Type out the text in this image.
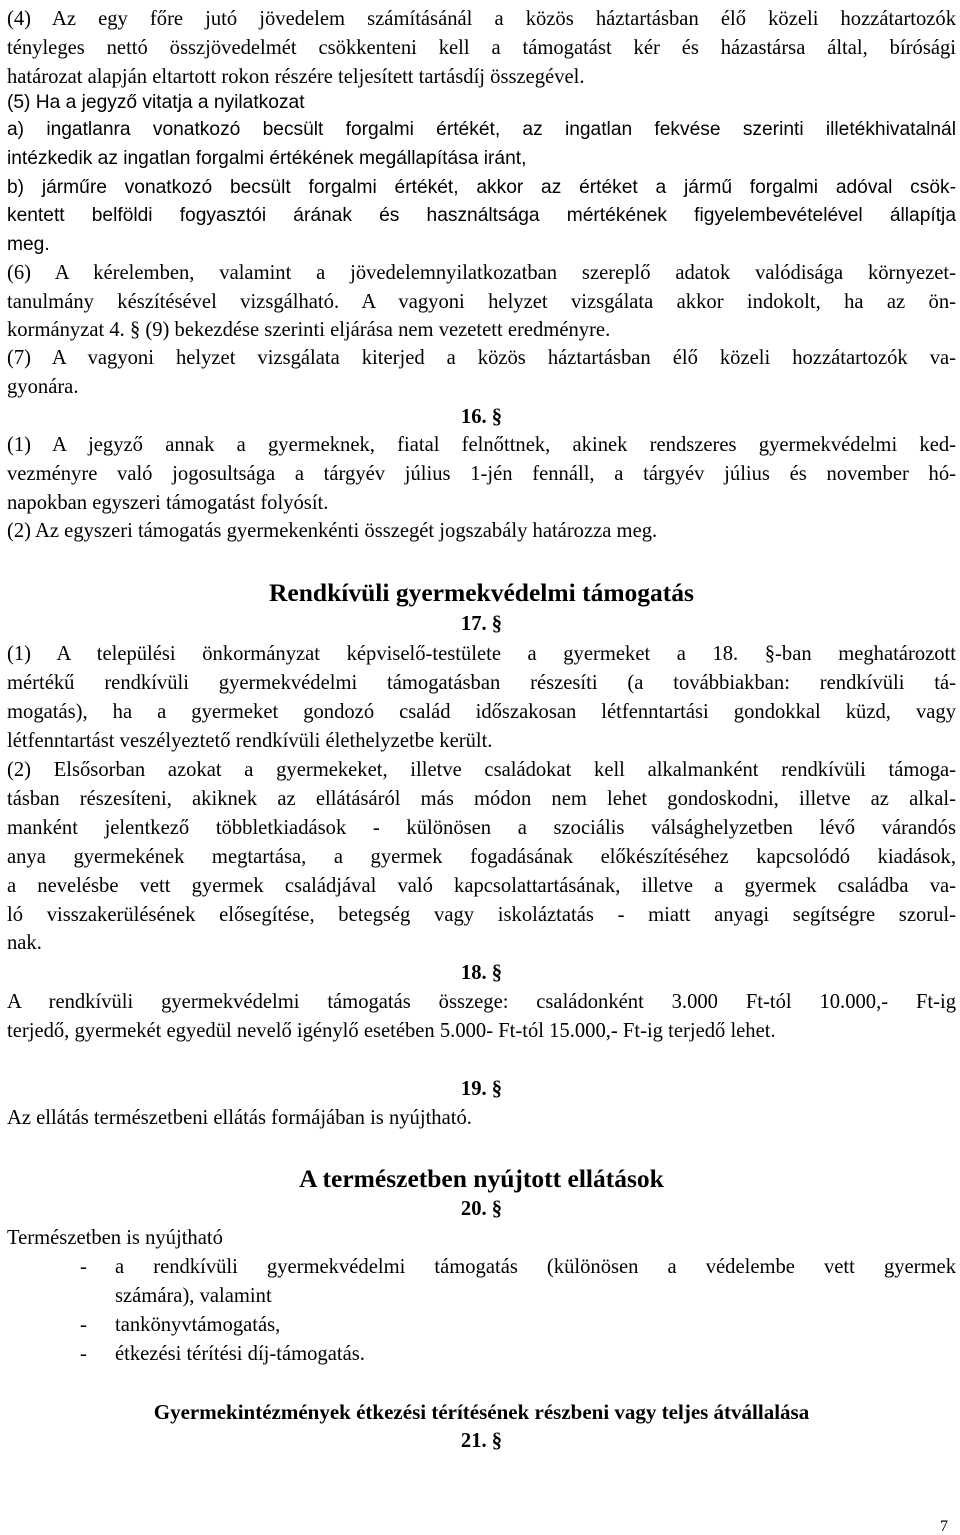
(4) Az egy főre jutó jövedelem számításánál a közös háztartásban élő közeli hozzátartozók

tényleges nettó összjövedelmét csökkenteni kell a támogatást kér és házastársa által, bírósági

határozat alapján eltartott rokon részére teljesített tartásdíj összegével.

(5) Ha a jegyző vitatja a nyilatkozat

a) ingatlanra vonatkozó becsült forgalmi értékét, az ingatlan fekvése szerinti illetékhivatalnál

intézkedik az ingatlan forgalmi értékének megállapítása iránt,

b) járműre vonatkozó becsült forgalmi értékét, akkor az értéket a jármű forgalmi adóval csök-

kentett belföldi fogyasztói árának és használtsága mértékének figyelembevételével állapítja

meg.

(6) A kérelemben, valamint a jövedelemnyilatkozatban szereplő adatok valódisága környezet-

tanulmány készítésével vizsgálható. A vagyoni helyzet vizsgálata akkor indokolt, ha az ön-

kormányzat 4. § (9) bekezdése szerinti eljárása nem vezetett eredményre.

(7) A vagyoni helyzet vizsgálata kiterjed a közös háztartásban élő közeli hozzátartozók va-

gyonára.

16. §

(1) A jegyző annak a gyermeknek, fiatal felnőttnek, akinek rendszeres gyermekvédelmi ked-

vezményre való jogosultsága a tárgyév július 1-jén fennáll, a tárgyév július és november hó-

napokban egyszeri támogatást folyósít.

(2) Az egyszeri támogatás gyermekenkénti összegét jogszabály határozza meg.

Rendkívüli gyermekvédelmi támogatás

17. §

(1) A települési önkormányzat képviselő-testülete a gyermeket a 18. §-ban meghatározott

mértékű rendkívüli gyermekvédelmi támogatásban részesíti (a továbbiakban: rendkívüli tá-

mogatás), ha a gyermeket gondozó család időszakosan létfenntartási gondokkal küzd, vagy

létfenntartást veszélyeztető rendkívüli élethelyzetbe került.

(2) Elsősorban azokat a gyermekeket, illetve családokat kell alkalmanként rendkívüli támoga-

tásban részesíteni, akiknek az ellátásáról más módon nem lehet gondoskodni, illetve az alkal-

manként jelentkező többletkiadások - különösen a szociális válsághelyzetben lévő várandós

anya gyermekének megtartása, a gyermek fogadásának előkészítéséhez kapcsolódó kiadások,

a nevelésbe vett gyermek családjával való kapcsolattartásának, illetve a gyermek családba va-

ló visszakerülésének elősegítése, betegség vagy iskoláztatás - miatt anyagi segítségre szorul-

nak.

18. §

A rendkívüli gyermekvédelmi támogatás összege: családonként 3.000 Ft-tól 10.000,- Ft-ig

terjedő, gyermekét egyedül nevelő igénylő esetében 5.000- Ft-tól 15.000,- Ft-ig terjedő lehet.

19. §

Az ellátás természetbeni ellátás formájában is nyújtható.

A természetben nyújtott ellátások

20. §

Természetben is nyújtható

-	a rendkívüli gyermekvédelmi támogatás (különösen a védelembe vett gyermek

számára), valamint

-	tankönyvtámogatás,

-	étkezési térítési díj-támogatás.

Gyermekintézmények étkezési térítésének részbeni vagy teljes átvállalása

21. §

7
